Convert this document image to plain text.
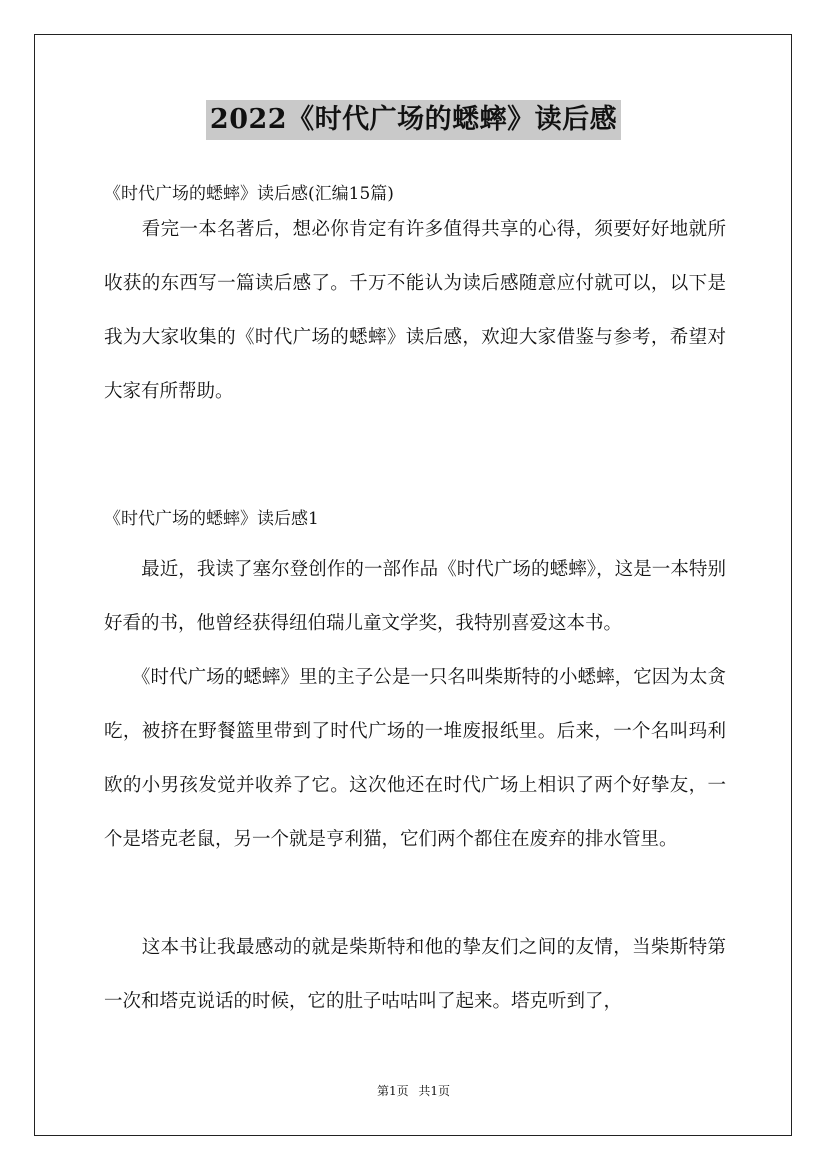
2022《时代广场的蟋蟀》读后感
《时代广场的蟋蟀》读后感(汇编15篇)

　　看完一本名著后，想必你肯定有许多值得共享的心得，须要好好地就所收获的东西写一篇读后感了。千万不能认为读后感随意应付就可以，以下是我为大家收集的《时代广场的蟋蟀》读后感，欢迎大家借鉴与参考，希望对大家有所帮助。

《时代广场的蟋蟀》读后感1

　　最近，我读了塞尔登创作的一部作品《时代广场的蟋蟀》，这是一本特别好看的书，他曾经获得纽伯瑞儿童文学奖，我特别喜爱这本书。

　　《时代广场的蟋蟀》里的主子公是一只名叫柴斯特的小蟋蟀，它因为太贪吃，被挤在野餐篮里带到了时代广场的一堆废报纸里。后来，一个名叫玛利欧的小男孩发觉并收养了它。这次他还在时代广场上相识了两个好挚友，一个是塔克老鼠，另一个就是亨利猫，它们两个都住在废弃的排水管里。

　　这本书让我最感动的就是柴斯特和他的挚友们之间的友情，当柴斯特第一次和塔克说话的时候，它的肚子咕咕叫了起来。塔克听到了，

第1页 共1页
